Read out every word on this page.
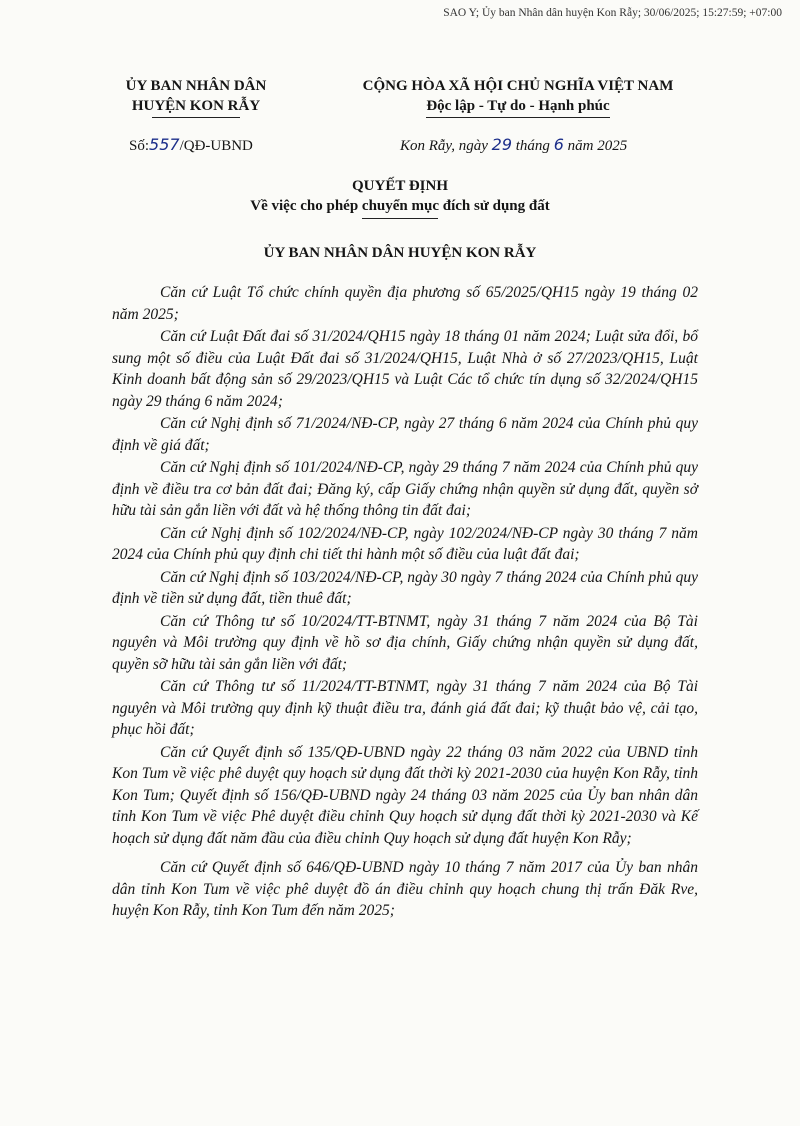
SAO Y; Ủy ban Nhân dân huyện Kon Rẫy; 30/06/2025; 15:27:59; +07:00
ỦY BAN NHÂN DÂN
HUYỆN KON RẪY
CỘNG HÒA XÃ HỘI CHỦ NGHĨA VIỆT NAM
Độc lập - Tự do - Hạnh phúc
Số:557/QĐ-UBND	Kon Rẫy, ngày 29 tháng 6 năm 2025
QUYẾT ĐỊNH
Về việc cho phép chuyển mục đích sử dụng đất
ỦY BAN NHÂN DÂN HUYỆN KON RẪY

Căn cứ Luật Tổ chức chính quyền địa phương số 65/2025/QH15 ngày 19 tháng 02 năm 2025;

Căn cứ Luật Đất đai số 31/2024/QH15 ngày 18 tháng 01 năm 2024; Luật sửa đổi, bổ sung một số điều của Luật Đất đai số 31/2024/QH15, Luật Nhà ở số 27/2023/QH15, Luật Kinh doanh bất động sản số 29/2023/QH15 và Luật Các tổ chức tín dụng số 32/2024/QH15 ngày 29 tháng 6 năm 2024;

Căn cứ Nghị định số 71/2024/NĐ-CP, ngày 27 tháng 6 năm 2024 của Chính phủ quy định về giá đất;

Căn cứ Nghị định số 101/2024/NĐ-CP, ngày 29 tháng 7 năm 2024 của Chính phủ quy định về điều tra cơ bản đất đai; Đăng ký, cấp Giấy chứng nhận quyền sử dụng đất, quyền sở hữu tài sản gắn liền với đất và hệ thống thông tin đất đai;

Căn cứ Nghị định số 102/2024/NĐ-CP, ngày 102/2024/NĐ-CP ngày 30 tháng 7 năm 2024 của Chính phủ quy định chi tiết thi hành một số điều của luật đất đai;

Căn cứ Nghị định số 103/2024/NĐ-CP, ngày 30 ngày 7 tháng 2024 của Chính phủ quy định về tiền sử dụng đất, tiền thuê đất;

Căn cứ Thông tư số 10/2024/TT-BTNMT, ngày 31 tháng 7 năm 2024 của Bộ Tài nguyên và Môi trường quy định về hồ sơ địa chính, Giấy chứng nhận quyền sử dụng đất, quyền sỡ hữu tài sản gắn liền với đất;

Căn cứ Thông tư số 11/2024/TT-BTNMT, ngày 31 tháng 7 năm 2024 của Bộ Tài nguyên và Môi trường quy định kỹ thuật điều tra, đánh giá đất đai; kỹ thuật bảo vệ, cải tạo, phục hồi đất;

Căn cứ Quyết định số 135/QĐ-UBND ngày 22 tháng 03 năm 2022 của UBND tỉnh Kon Tum về việc phê duyệt quy hoạch sử dụng đất thời kỳ 2021-2030 của huyện Kon Rẫy, tỉnh Kon Tum; Quyết định số 156/QĐ-UBND ngày 24 tháng 03 năm 2025 của Ủy ban nhân dân tỉnh Kon Tum về việc Phê duyệt điều chỉnh Quy hoạch sử dụng đất thời kỳ 2021-2030 và Kế hoạch sử dụng đất năm đầu của điều chỉnh Quy hoạch sử dụng đất huyện Kon Rẫy;

Căn cứ Quyết định số 646/QĐ-UBND ngày 10 tháng 7 năm 2017 của Ủy ban nhân dân tỉnh Kon Tum về việc phê duyệt đồ án điều chỉnh quy hoạch chung thị trấn Đăk Rve, huyện Kon Rẫy, tỉnh Kon Tum đến năm 2025;
